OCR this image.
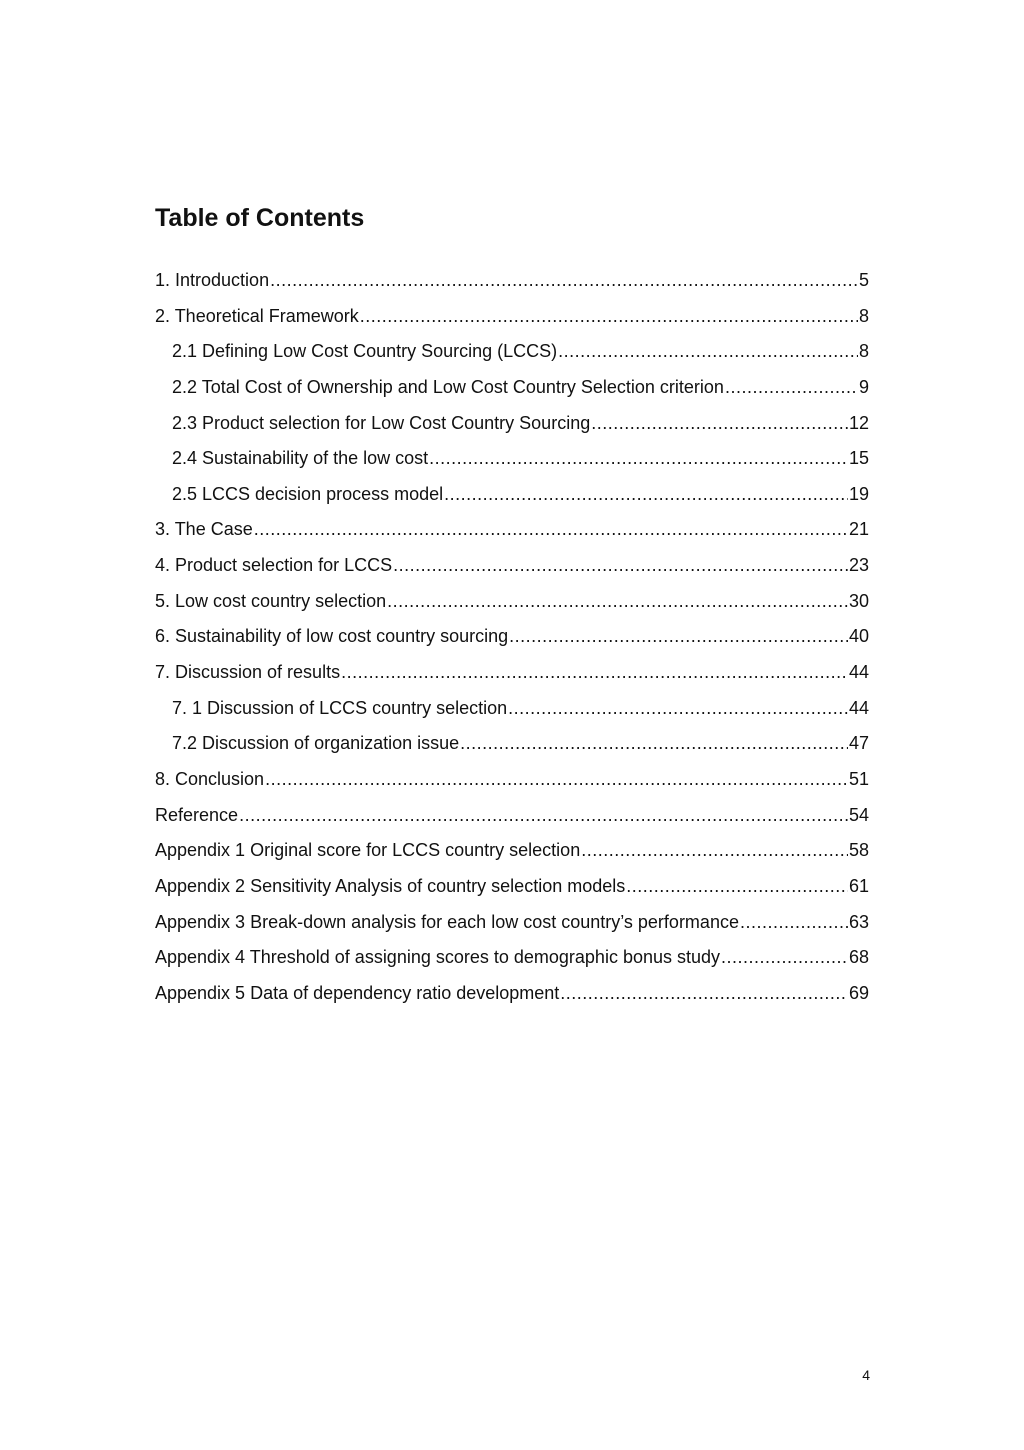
Table of Contents
1. Introduction .....	5
2. Theoretical Framework .....	8
2.1 Defining Low Cost Country Sourcing (LCCS) .....	8
2.2 Total Cost of Ownership and Low Cost Country Selection criterion .....	9
2.3 Product selection for Low Cost Country Sourcing .....	12
2.4 Sustainability of the low cost .....	15
2.5 LCCS decision process model .....	19
3. The Case .....	21
4. Product selection for LCCS .....	23
5. Low cost country selection .....	30
6. Sustainability of low cost country sourcing .....	40
7. Discussion of results .....	44
7. 1 Discussion of LCCS country selection .....	44
7.2 Discussion of organization issue .....	47
8. Conclusion .....	51
Reference .....	54
Appendix 1 Original score for LCCS country selection .....	58
Appendix 2 Sensitivity Analysis of country selection models .....	61
Appendix 3 Break-down analysis for each low cost country’s performance .....	63
Appendix 4 Threshold of assigning scores to demographic bonus study .....	68
Appendix 5 Data of dependency ratio development .....	69
4
